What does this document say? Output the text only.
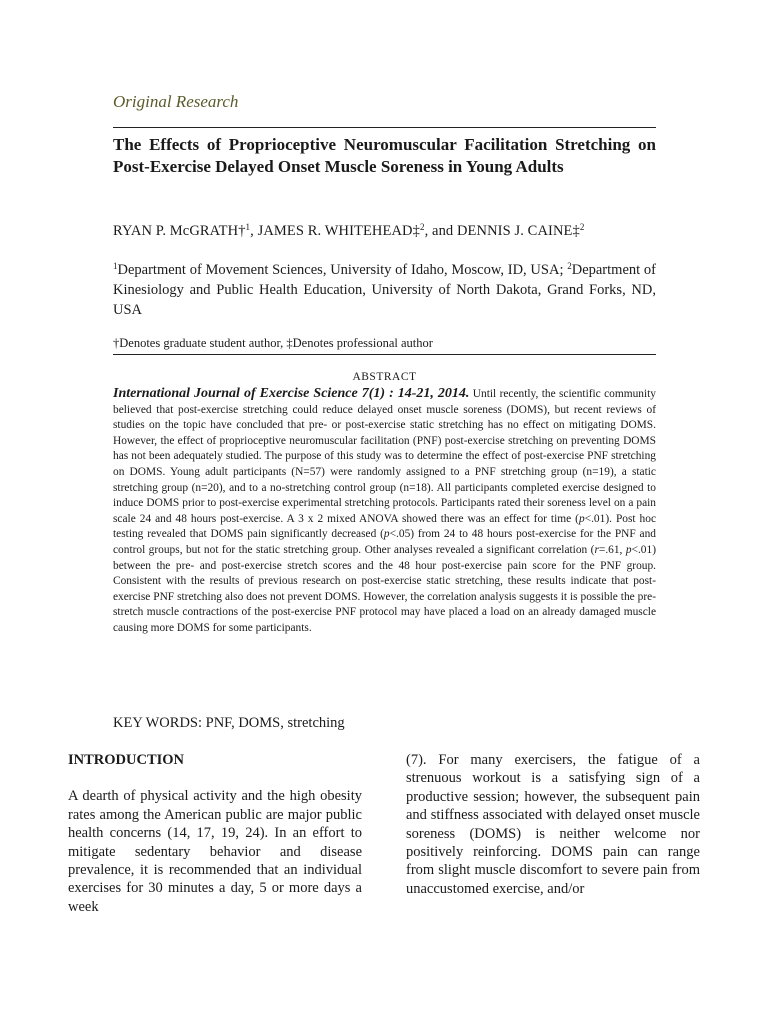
Original Research
The Effects of Proprioceptive Neuromuscular Facilitation Stretching on Post-Exercise Delayed Onset Muscle Soreness in Young Adults
RYAN P. McGRATH†$^1$, JAMES R. WHITEHEAD‡$^2$, and DENNIS J. CAINE‡$^2$
$^1$Department of Movement Sciences, University of Idaho, Moscow, ID, USA; $^2$Department of Kinesiology and Public Health Education, University of North Dakota, Grand Forks, ND, USA
†Denotes graduate student author, ‡Denotes professional author
ABSTRACT
International Journal of Exercise Science 7(1) : 14-21, 2014. Until recently, the scientific community believed that post-exercise stretching could reduce delayed onset muscle soreness (DOMS), but recent reviews of studies on the topic have concluded that pre- or post-exercise static stretching has no effect on mitigating DOMS. However, the effect of proprioceptive neuromuscular facilitation (PNF) post-exercise stretching on preventing DOMS has not been adequately studied. The purpose of this study was to determine the effect of post-exercise PNF stretching on DOMS. Young adult participants (N=57) were randomly assigned to a PNF stretching group (n=19), a static stretching group (n=20), and to a no-stretching control group (n=18). All participants completed exercise designed to induce DOMS prior to post-exercise experimental stretching protocols. Participants rated their soreness level on a pain scale 24 and 48 hours post-exercise. A 3 x 2 mixed ANOVA showed there was an effect for time (p<.01). Post hoc testing revealed that DOMS pain significantly decreased (p<.05) from 24 to 48 hours post-exercise for the PNF and control groups, but not for the static stretching group. Other analyses revealed a significant correlation (r=.61, p<.01) between the pre- and post-exercise stretch scores and the 48 hour post-exercise pain score for the PNF group. Consistent with the results of previous research on post-exercise static stretching, these results indicate that post-exercise PNF stretching also does not prevent DOMS. However, the correlation analysis suggests it is possible the pre-stretch muscle contractions of the post-exercise PNF protocol may have placed a load on an already damaged muscle causing more DOMS for some participants.
KEY WORDS: PNF, DOMS, stretching
INTRODUCTION

A dearth of physical activity and the high obesity rates among the American public are major public health concerns (14, 17, 19, 24). In an effort to mitigate sedentary behavior and disease prevalence, it is recommended that an individual exercises for 30 minutes a day, 5 or more days a week

(7). For many exercisers, the fatigue of a strenuous workout is a satisfying sign of a productive session; however, the subsequent pain and stiffness associated with delayed onset muscle soreness (DOMS) is neither welcome nor positively reinforcing. DOMS pain can range from slight muscle discomfort to severe pain from unaccustomed exercise, and/or
